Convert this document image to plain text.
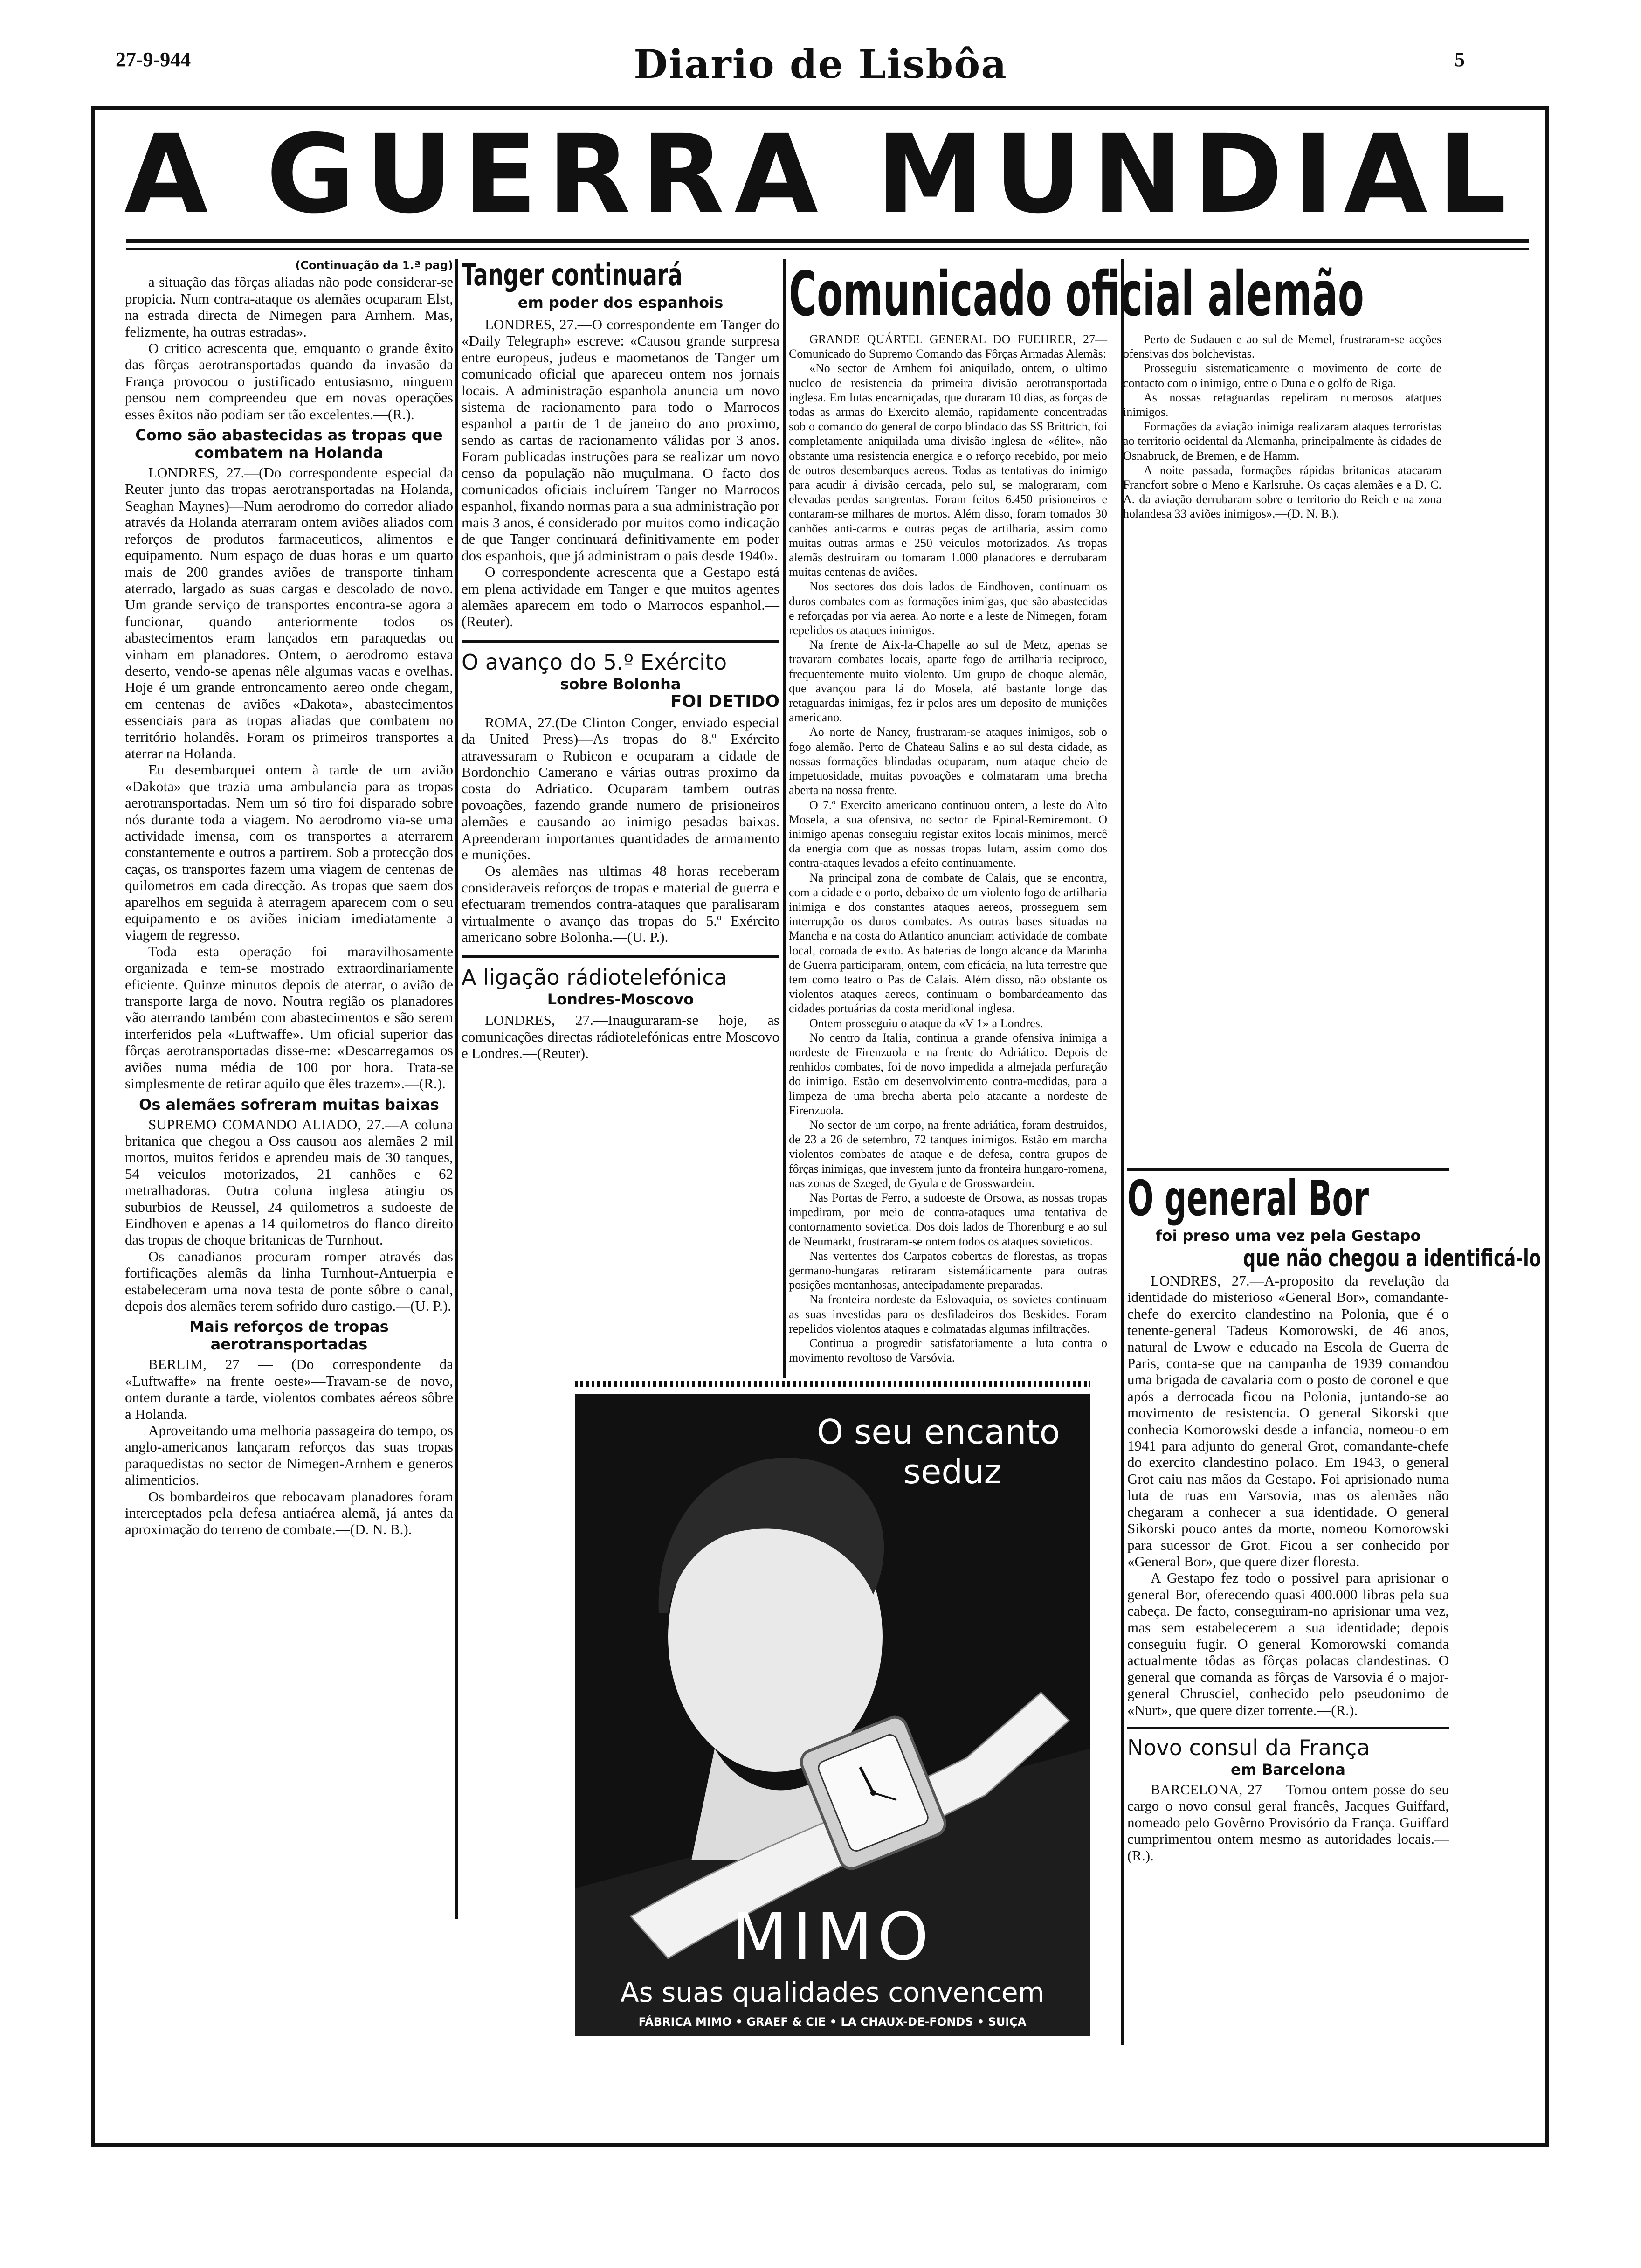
27-9-944	Diario de Lisbôa	5
A GUERRA MUNDIAL
(Continuação da 1.ª pag)

a situação das fôrças aliadas não pode considerar-se propicia. Num contra-ataque os alemães ocuparam Elst, na estrada directa de Nimegen para Arnhem. Mas, felizmente, ha outras estradas».

O critico acrescenta que, emquanto o grande êxito das fôrças aerotransportadas quando da invasão da França provocou o justificado entusiasmo, ninguem pensou nem compreendeu que em novas operações esses êxitos não podiam ser tão excelentes.—(R.).

Como são abastecidas as tropas que combatem na Holanda

LONDRES, 27.—(Do correspondente especial da Reuter junto das tropas aerotransportadas na Holanda, Seaghan Maynes)—Num aerodromo do corredor aliado através da Holanda aterraram ontem aviões aliados com reforços de produtos farmaceuticos, alimentos e equipamento. Num espaço de duas horas e um quarto mais de 200 grandes aviões de transporte tinham aterrado, largado as suas cargas e descolado de novo. Um grande serviço de transportes encontra-se agora a funcionar, quando anteriormente todos os abastecimentos eram lançados em paraquedas ou vinham em planadores. Ontem, o aerodromo estava deserto, vendo-se apenas nêle algumas vacas e ovelhas. Hoje é um grande entroncamento aereo onde chegam, em centenas de aviões «Dakota», abastecimentos essenciais para as tropas aliadas que combatem no território holandês. Foram os primeiros transportes a aterrar na Holanda.

Eu desembarquei ontem à tarde de um avião «Dakota» que trazia uma ambulancia para as tropas aerotransportadas. Nem um só tiro foi disparado sobre nós durante toda a viagem. No aerodromo via-se uma actividade imensa, com os transportes a aterrarem constantemente e outros a partirem. Sob a protecção dos caças, os transportes fazem uma viagem de centenas de quilometros em cada direcção. As tropas que saem dos aparelhos em seguida à aterragem aparecem com o seu equipamento e os aviões iniciam imediatamente a viagem de regresso.

Toda esta operação foi maravilhosamente organizada e tem-se mostrado extraordinariamente eficiente. Quinze minutos depois de aterrar, o avião de transporte larga de novo. Noutra região os planadores vão aterrando também com abastecimentos e são serem interferidos pela «Luftwaffe». Um oficial superior das fôrças aerotransportadas disse-me: «Descarregamos os aviões numa média de 100 por hora. Trata-se simplesmente de retirar aquilo que êles trazem».—(R.).

Os alemães sofreram muitas baixas

SUPREMO COMANDO ALIADO, 27.—A coluna britanica que chegou a Oss causou aos alemães 2 mil mortos, muitos feridos e aprendeu mais de 30 tanques, 54 veiculos motorizados, 21 canhões e 62 metralhadoras. Outra coluna inglesa atingiu os suburbios de Reussel, 24 quilometros a sudoeste de Eindhoven e apenas a 14 quilometros do flanco direito das tropas de choque britanicas de Turnhout.

Os canadianos procuram romper através das fortificações alemãs da linha Turnhout-Antuerpia e estabeleceram uma nova testa de ponte sôbre o canal, depois dos alemães terem sofrido duro castigo.—(U. P.).

Mais reforços de tropas aerotransportadas

BERLIM, 27 — (Do correspondente da «Luftwaffe» na frente oeste»—Travam-se de novo, ontem durante a tarde, violentos combates aéreos sôbre a Holanda.

Aproveitando uma melhoria passageira do tempo, os anglo-americanos lançaram reforços das suas tropas paraquedistas no sector de Nimegen-Arnhem e generos alimenticios.

Os bombardeiros que rebocavam planadores foram interceptados pela defesa antiaérea alemã, já antes da aproximação do terreno de combate.—(D. N. B.).

Tanger continuará
em poder dos espanhois

LONDRES, 27.—O correspondente em Tanger do «Daily Telegraph» escreve: «Causou grande surpresa entre europeus, judeus e maometanos de Tanger um comunicado oficial que apareceu ontem nos jornais locais. A administração espanhola anuncia um novo sistema de racionamento para todo o Marrocos espanhol a partir de 1 de janeiro do ano proximo, sendo as cartas de racionamento válidas por 3 anos. Foram publicadas instruções para se realizar um novo censo da população não muçulmana. O facto dos comunicados oficiais incluírem Tanger no Marrocos espanhol, fixando normas para a sua administração por mais 3 anos, é considerado por muitos como indicação de que Tanger continuará definitivamente em poder dos espanhois, que já administram o pais desde 1940».

O correspondente acrescenta que a Gestapo está em plena actividade em Tanger e que muitos agentes alemães aparecem em todo o Marrocos espanhol.—(Reuter).

O avanço do 5.º Exército
sobre Bolonha
FOI DETIDO

ROMA, 27.(De Clinton Conger, enviado especial da United Press)—As tropas do 8.º Exército atravessaram o Rubicon e ocuparam a cidade de Bordonchio Camerano e várias outras proximo da costa do Adriatico. Ocuparam tambem outras povoações, fazendo grande numero de prisioneiros alemães e causando ao inimigo pesadas baixas. Apreenderam importantes quantidades de armamento e munições.

Os alemães nas ultimas 48 horas receberam consideraveis reforços de tropas e material de guerra e efectuaram tremendos contra-ataques que paralisaram virtualmente o avanço das tropas do 5.º Exército americano sobre Bolonha.—(U. P.).

A ligação rádiotelefónica
Londres-Moscovo

LONDRES, 27.—Inauguraram-se hoje, as comunicações directas rádiotelefónicas entre Moscovo e Londres.—(Reuter).

Comunicado oficial alemão

GRANDE QUÁRTEL GENERAL DO FUEHRER, 27—Comunicado do Supremo Comando das Fôrças Armadas Alemãs:

«No sector de Arnhem foi aniquilado, ontem, o ultimo nucleo de resistencia da primeira divisão aerotransportada inglesa. Em lutas encarniçadas, que duraram 10 dias, as forças de todas as armas do Exercito alemão, rapidamente concentradas sob o comando do general de corpo blindado das SS Brittrich, foi completamente aniquilada uma divisão inglesa de «élite», não obstante uma resistencia energica e o reforço recebido, por meio de outros desembarques aereos. Todas as tentativas do inimigo para acudir á divisão cercada, pelo sul, se malograram, com elevadas perdas sangrentas. Foram feitos 6.450 prisioneiros e contaram-se milhares de mortos. Além disso, foram tomados 30 canhões anti-carros e outras peças de artilharia, assim como muitas outras armas e 250 veiculos motorizados. As tropas alemãs destruiram ou tomaram 1.000 planadores e derrubaram muitas centenas de aviões.

Nos sectores dos dois lados de Eindhoven, continuam os duros combates com as formações inimigas, que são abastecidas e reforçadas por via aerea. Ao norte e a leste de Nimegen, foram repelidos os ataques inimigos.

Na frente de Aix-la-Chapelle ao sul de Metz, apenas se travaram combates locais, aparte fogo de artilharia reciproco, frequentemente muito violento. Um grupo de choque alemão, que avançou para lá do Mosela, até bastante longe das retaguardas inimigas, fez ir pelos ares um deposito de munições americano.

Ao norte de Nancy, frustraram-se ataques inimigos, sob o fogo alemão. Perto de Chateau Salins e ao sul desta cidade, as nossas formações blindadas ocuparam, num ataque cheio de impetuosidade, muitas povoações e colmataram uma brecha aberta na nossa frente.

O 7.º Exercito americano continuou ontem, a leste do Alto Mosela, a sua ofensiva, no sector de Epinal-Remiremont. O inimigo apenas conseguiu registar exitos locais minimos, mercê da energia com que as nossas tropas lutam, assim como dos contra-ataques levados a efeito continuamente.

Na principal zona de combate de Calais, que se encontra, com a cidade e o porto, debaixo de um violento fogo de artilharia inimiga e dos constantes ataques aereos, prosseguem sem interrupção os duros combates. As outras bases situadas na Mancha e na costa do Atlantico anunciam actividade de combate local, coroada de exito. As baterias de longo alcance da Marinha de Guerra participaram, ontem, com eficácia, na luta terrestre que tem como teatro o Pas de Calais. Além disso, não obstante os violentos ataques aereos, continuam o bombardeamento das cidades portuárias da costa meridional inglesa.

Ontem prosseguiu o ataque da «V 1» a Londres.

No centro da Italia, continua a grande ofensiva inimiga a nordeste de Firenzuola e na frente do Adriático. Depois de renhidos combates, foi de novo impedida a almejada perfuração do inimigo. Estão em desenvolvimento contra-medidas, para a limpeza de uma brecha aberta pelo atacante a nordeste de Firenzuola.

No sector de um corpo, na frente adriática, foram destruidos, de 23 a 26 de setembro, 72 tanques inimigos. Estão em marcha violentos combates de ataque e de defesa, contra grupos de fôrças inimigas, que investem junto da fronteira hungaro-romena, nas zonas de Szeged, de Gyula e de Grosswardein.

Nas Portas de Ferro, a sudoeste de Orsowa, as nossas tropas impediram, por meio de contra-ataques uma tentativa de contornamento sovietica. Dos dois lados de Thorenburg e ao sul de Neumarkt, frustraram-se ontem todos os ataques sovieticos.

Nas vertentes dos Carpatos cobertas de florestas, as tropas germano-hungaras retiraram sistemáticamente para outras posições montanhosas, antecipadamente preparadas.

Na fronteira nordeste da Eslovaquia, os sovietes continuam as suas investidas para os desfiladeiros dos Beskides. Foram repelidos violentos ataques e colmatadas algumas infiltrações.

Continua a progredir satisfatoriamente a luta contra o movimento revoltoso de Varsóvia.

Perto de Sudauen e ao sul de Memel, frustraram-se acções ofensivas dos bolchevistas.

Prosseguiu sistematicamente o movimento de corte de contacto com o inimigo, entre o Duna e o golfo de Riga.

As nossas retaguardas repeliram numerosos ataques inimigos.

Formações da aviação inimiga realizaram ataques terroristas ao territorio ocidental da Alemanha, principalmente às cidades de Osnabruck, de Bremen, e de Hamm.

A noite passada, formações rápidas britanicas atacaram Francfort sobre o Meno e Karlsruhe. Os caças alemães e a D. C. A. da aviação derrubaram sobre o territorio do Reich e na zona holandesa 33 aviões inimigos».—(D. N. B.).

O general Bor
foi preso uma vez pela Gestapo
que não chegou a identificá-lo

LONDRES, 27.—A-proposito da revelação da identidade do misterioso «General Bor», comandante-chefe do exercito clandestino na Polonia, que é o tenente-general Tadeus Komorowski, de 46 anos, natural de Lwow e educado na Escola de Guerra de Paris, conta-se que na campanha de 1939 comandou uma brigada de cavalaria com o posto de coronel e que após a derrocada ficou na Polonia, juntando-se ao movimento de resistencia. O general Sikorski que conhecia Komorowski desde a infancia, nomeou-o em 1941 para adjunto do general Grot, comandante-chefe do exercito clandestino polaco. Em 1943, o general Grot caiu nas mãos da Gestapo. Foi aprisionado numa luta de ruas em Varsovia, mas os alemães não chegaram a conhecer a sua identidade. O general Sikorski pouco antes da morte, nomeou Komorowski para sucessor de Grot. Ficou a ser conhecido por «General Bor», que quere dizer floresta.

A Gestapo fez todo o possivel para aprisionar o general Bor, oferecendo quasi 400.000 libras pela sua cabeça. De facto, conseguiram-no aprisionar uma vez, mas sem estabelecerem a sua identidade; depois conseguiu fugir. O general Komorowski comanda actualmente tôdas as fôrças polacas clandestinas. O general que comanda as fôrças de Varsovia é o major-general Chrusciel, conhecido pelo pseudonimo de «Nurt», que quere dizer torrente.—(R.).

Novo consul da França
em Barcelona

BARCELONA, 27 — Tomou ontem posse do seu cargo o novo consul geral francês, Jacques Guiffard, nomeado pelo Govêrno Provisório da França. Guiffard cumprimentou ontem mesmo as autoridades locais.—(R.).

O seu encanto
seduz
MIMO
As suas qualidades convencem
FÁBRICA MIMO • GRAEF & CIE • LA CHAUX-DE-FONDS • SUIÇA
